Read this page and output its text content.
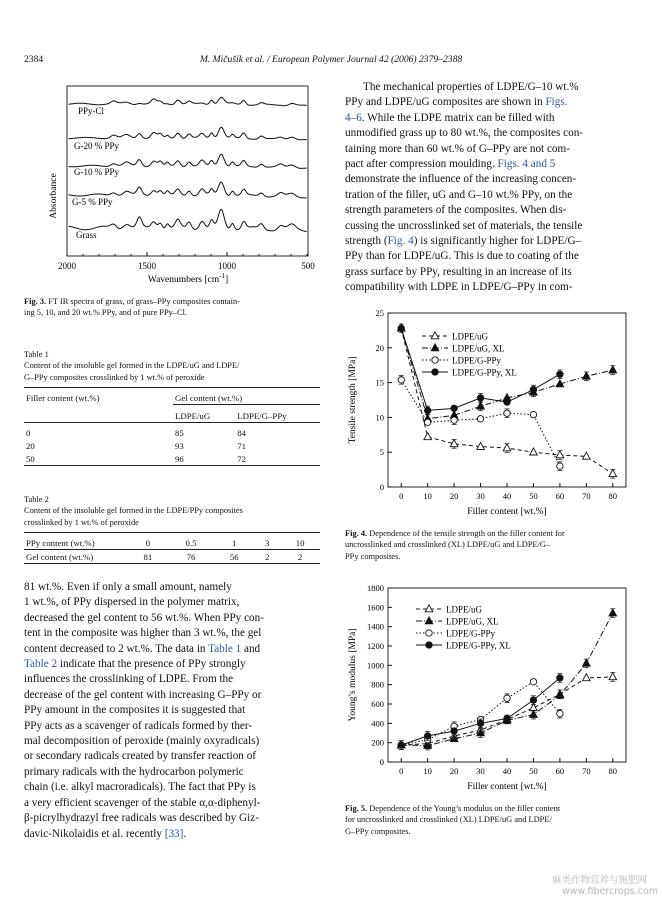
2384	M. Mičušík et al. / European Polymer Journal 42 (2006) 2379–2388
PPy-Cl
G-20 % PPy
G-10 % PPy
G-5 % PPy
Grass
Absorbance
2000	1500	1000	500
Wavenumbers $[cm^{-1}]$
Fig. 3. FT IR spectra of grass, of grass–PPy composites contain-
ing 5, 10, and 20 wt.% PPy, and of pure PPy–Cl.
Table 1
Content of the insoluble gel formed in the LDPE/uG and LDPE/
G–PPy composites crosslinked by 1 wt.% of peroxide
Filler content (wt.%)	Gel content (wt.%)	
	LDPE/uG	LDPE/G–PPy
0	85	84
20	93	71
50	96	72
Table 2
Content of the insoluble gel formed in the LDPE/PPy composites
crosslinked by 1 wt.% of peroxide
PPy content (wt.%)	0	0.5	1	3	10
Gel content (wt.%)	81	76	56	2	2
81 wt.%. Even if only a small amount, namely
1 wt.%, of PPy dispersed in the polymer matrix,
decreased the gel content to 56 wt.%. When PPy con-
tent in the composite was higher than 3 wt.%, the gel
content decreased to 2 wt.%. The data in Table 1 and
Table 2 indicate that the presence of PPy strongly
influences the crosslinking of LDPE. From the
decrease of the gel content with increasing G–PPy or
PPy amount in the composites it is suggested that
PPy acts as a scavenger of radicals formed by ther-
mal decomposition of peroxide (mainly oxyradicals)
or secondary radicals created by transfer reaction of
primary radicals with the hydrocarbon polymeric
chain (i.e. alkyl macroradicals). The fact that PPy is
a very efficient scavenger of the stable α,α-diphenyl-
β-picrylhydrazyl free radicals was described by Giz-
davic-Nikolaidis et al. recently [33].
The mechanical properties of LDPE/G–10 wt.%
PPy and LDPE/uG composites are shown in Figs.
4–6. While the LDPE matrix can be filled with
unmodified grass up to 80 wt.%, the composites con-
taining more than 60 wt.% of G–PPy are not com-
pact after compression moulding. Figs. 4 and 5
demonstrate the influence of the increasing concen-
tration of the filler, uG and G–10 wt.% PPy, on the
strength parameters of the composites. When dis-
cussing the uncrosslinked set of materials, the tensile
strength (Fig. 4) is significantly higher for LDPE/G–
PPy than for LDPE/uG. This is due to coating of the
grass surface by PPy, resulting in an increase of its
compatibility with LDPE in LDPE/G–PPy in com-
0 10 20 30 40 50 60 70 80
0
5
10
15
20
25
Filler content [wt.%]
Tensile strength [MPa]
LDPE/uG
LDPE/uG, XL
LDPE/G-PPy
LDPE/G-PPy, XL
Fig. 4. Dependence of the tensile strength on the filler content for
uncrosslinked and crosslinked (XL) LDPE/uG and LDPE/G–
PPy composites.
0 10 20 30 40 50 60 70 80
0
200
400
600
800
1000
1200
1400
1600
1800
Filler content [wt.%]
Young’s modulus [MPa]
LDPE/uG
LDPE/uG, XL
LDPE/G-PPy
LDPE/G-PPy, XL
Fig. 5. Dependence of the Young’s modulus on the filler content
for uncrosslinked and crosslinked (XL) LDPE/uG and LDPE/
G–PPy composites.
麻类作物营养与施肥网
www.fibercrops.com
